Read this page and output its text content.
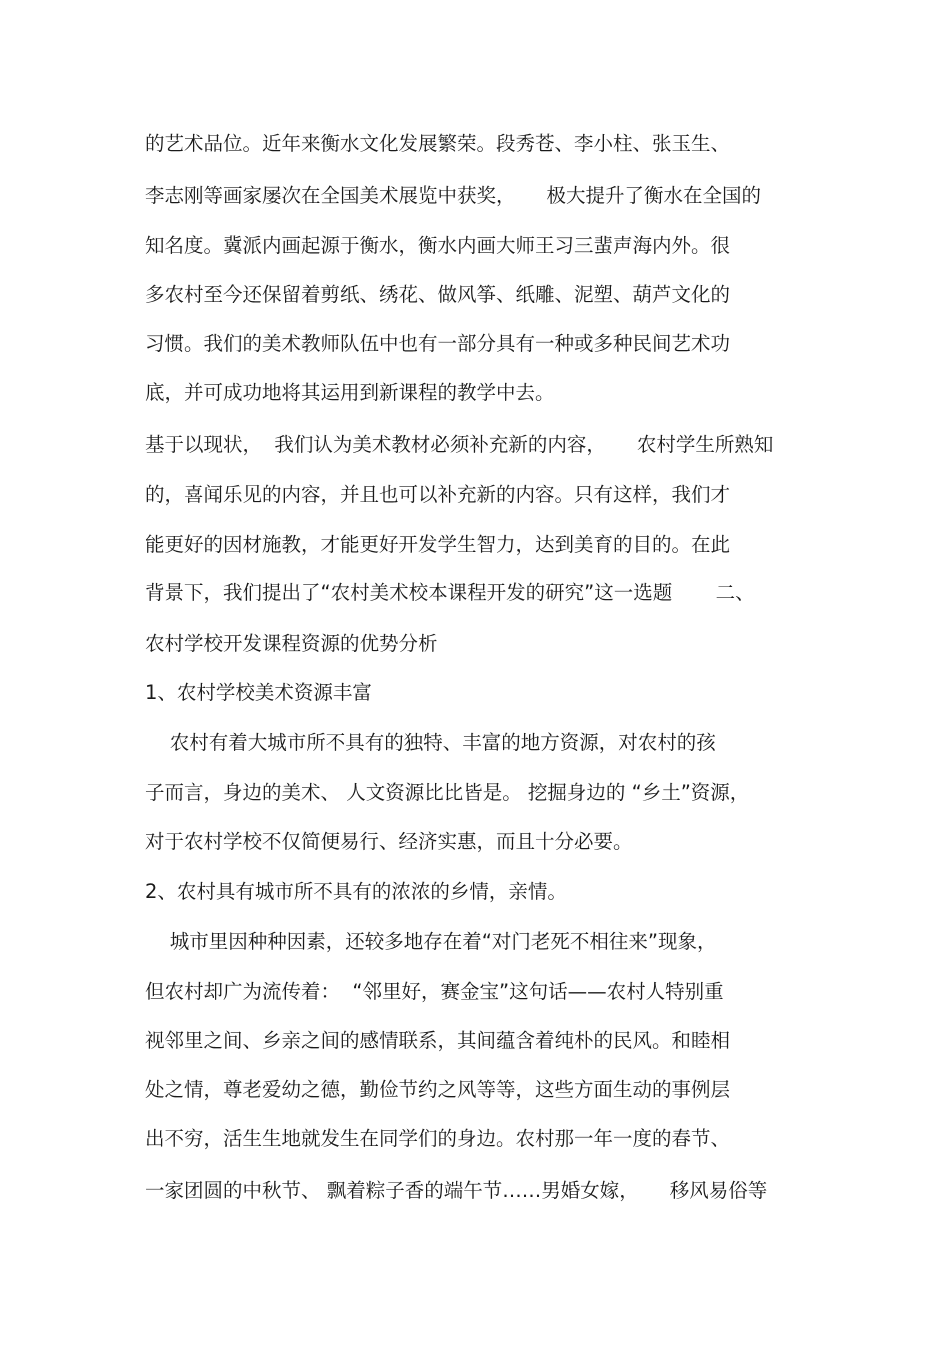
的艺术品位。近年来衡水文化发展繁荣。段秀苍、李小柱、张玉生、

李志刚等画家屡次在全国美术展览中获奖，     极大提升了衡水在全国的

知名度。冀派内画起源于衡水，衡水内画大师王习三蜚声海内外。很

多农村至今还保留着剪纸、绣花、做风筝、纸雕、泥塑、葫芦文化的

习惯。我们的美术教师队伍中也有一部分具有一种或多种民间艺术功

底，并可成功地将其运用到新课程的教学中去。

基于以现状，  我们认为美术教材必须补充新的内容，     农村学生所熟知

的，喜闻乐见的内容，并且也可以补充新的内容。只有这样，我们才

能更好的因材施教，才能更好开发学生智力，达到美育的目的。在此

背景下，我们提出了“农村美术校本课程开发的研究”这一选题       二、

农村学校开发课程资源的优势分析

1、农村学校美术资源丰富

农村有着大城市所不具有的独特、丰富的地方资源，对农村的孩

子而言，身边的美术、 人文资源比比皆是。 挖掘身边的 “乡土”资源，

对于农村学校不仅简便易行、经济实惠，而且十分必要。

2、农村具有城市所不具有的浓浓的乡情，亲情。

城市里因种种因素，还较多地存在着“对门老死不相往来”现象，

但农村却广为流传着：  “邻里好，赛金宝”这句话——农村人特别重

视邻里之间、乡亲之间的感情联系，其间蕴含着纯朴的民风。和睦相

处之情，尊老爱幼之德，勤俭节约之风等等，这些方面生动的事例层

出不穷，活生生地就发生在同学们的身边。农村那一年一度的春节、

一家团圆的中秋节、 飘着粽子香的端午节……男婚女嫁，     移风易俗等
